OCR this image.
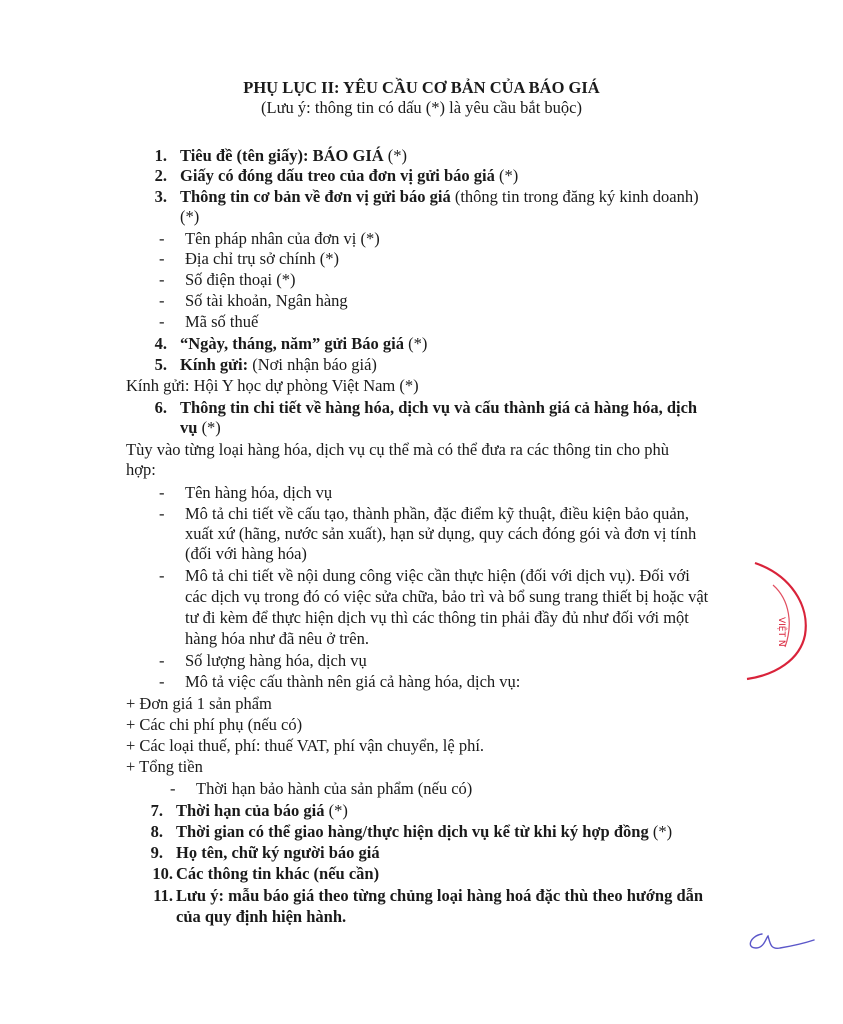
PHỤ LỤC II: YÊU CẦU CƠ BẢN CỦA BÁO GIÁ
(Lưu ý: thông tin có dấu (*) là yêu cầu bắt buộc)
1. Tiêu đề (tên giấy): BÁO GIÁ (*)
2. Giấy có đóng dấu treo của đơn vị gửi báo giá (*)
3. Thông tin cơ bản về đơn vị gửi báo giá (thông tin trong đăng ký kinh doanh)
(*)
- Tên pháp nhân của đơn vị (*)
- Địa chỉ trụ sở chính (*)
- Số điện thoại (*)
- Số tài khoản, Ngân hàng
- Mã số thuế
4. “Ngày, tháng, năm” gửi Báo giá (*)
5. Kính gửi: (Nơi nhận báo giá)
Kính gửi: Hội Y học dự phòng Việt Nam (*)
6. Thông tin chi tiết về hàng hóa, dịch vụ và cấu thành giá cả hàng hóa, dịch
vụ (*)
Tùy vào từng loại hàng hóa, dịch vụ cụ thể mà có thể đưa ra các thông tin cho phù
hợp:
- Tên hàng hóa, dịch vụ
- Mô tả chi tiết về cấu tạo, thành phần, đặc điểm kỹ thuật, điều kiện bảo quản,
xuất xứ (hãng, nước sản xuất), hạn sử dụng, quy cách đóng gói và đơn vị tính
(đối với hàng hóa)
- Mô tả chi tiết về nội dung công việc cần thực hiện (đối với dịch vụ). Đối với
các dịch vụ trong đó có việc sửa chữa, bảo trì và bổ sung trang thiết bị hoặc vật
tư đi kèm để thực hiện dịch vụ thì các thông tin phải đầy đủ như đối với một
hàng hóa như đã nêu ở trên.
- Số lượng hàng hóa, dịch vụ
- Mô tả việc cấu thành nên giá cả hàng hóa, dịch vụ:
+ Đơn giá 1 sản phẩm
+ Các chi phí phụ (nếu có)
+ Các loại thuế, phí: thuế VAT, phí vận chuyển, lệ phí.
+ Tổng tiền
- Thời hạn bảo hành của sản phẩm (nếu có)
7. Thời hạn của báo giá (*)
8. Thời gian có thể giao hàng/thực hiện dịch vụ kể từ khi ký hợp đồng (*)
9. Họ tên, chữ ký người báo giá
10. Các thông tin khác (nếu cần)
11. Lưu ý: mẫu báo giá theo từng chủng loại hàng hoá đặc thù theo hướng dẫn
của quy định hiện hành.
VIỆT N
